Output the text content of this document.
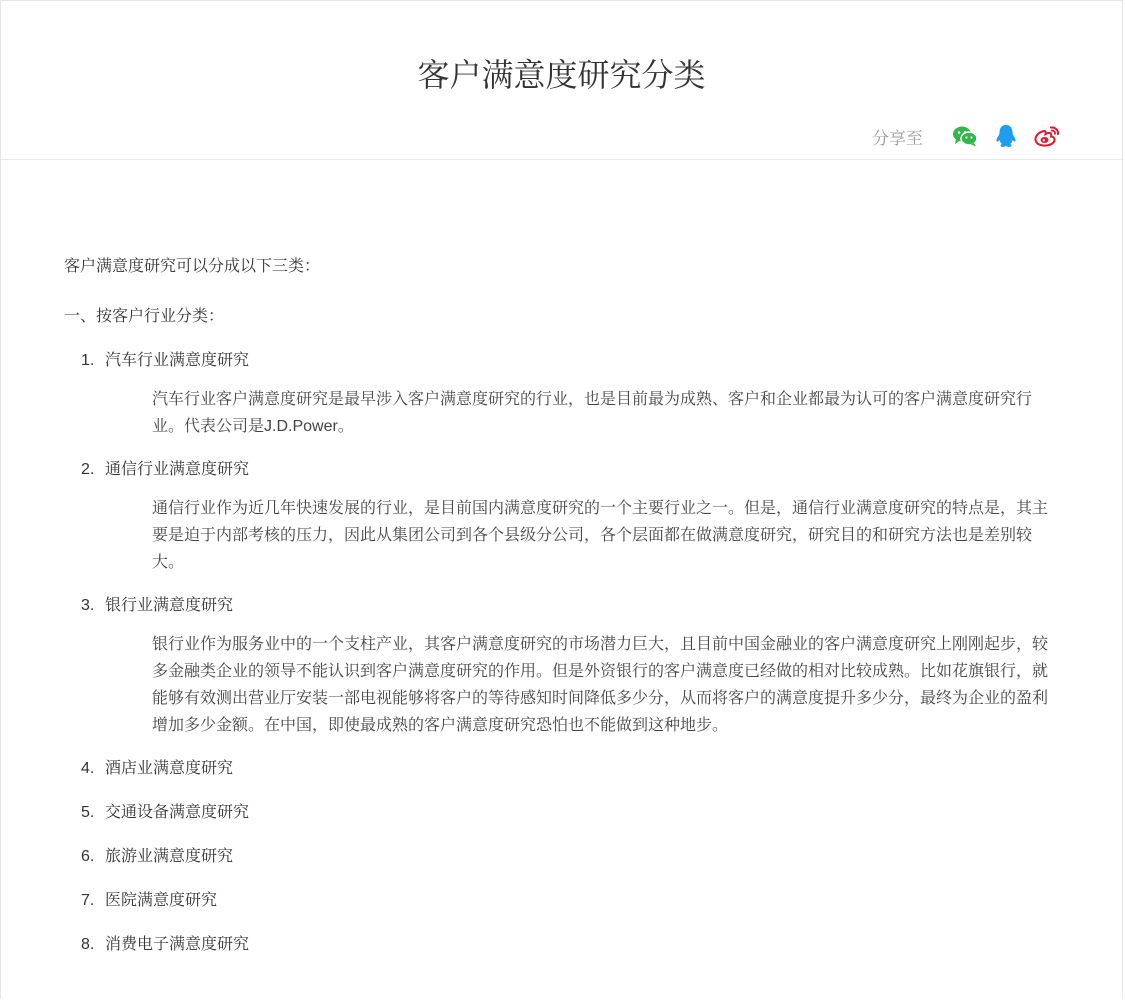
客户满意度研究分类
分享至

客户满意度研究可以分成以下三类：

一、按客户行业分类：

1. 汽车行业满意度研究

汽车行业客户满意度研究是最早涉入客户满意度研究的行业，也是目前最为成熟、客户和企业都最为认可的客户满意度研究行业。代表公司是J.D.Power。

2. 通信行业满意度研究

通信行业作为近几年快速发展的行业，是目前国内满意度研究的一个主要行业之一。但是，通信行业满意度研究的特点是，其主要是迫于内部考核的压力，因此从集团公司到各个县级分公司，各个层面都在做满意度研究，研究目的和研究方法也是差别较大。

3. 银行业满意度研究

银行业作为服务业中的一个支柱产业，其客户满意度研究的市场潜力巨大，且目前中国金融业的客户满意度研究上刚刚起步，较多金融类企业的领导不能认识到客户满意度研究的作用。但是外资银行的客户满意度已经做的相对比较成熟。比如花旗银行，就能够有效测出营业厅安装一部电视能够将客户的等待感知时间降低多少分，从而将客户的满意度提升多少分，最终为企业的盈利增加多少金额。在中国，即使最成熟的客户满意度研究恐怕也不能做到这种地步。

4. 酒店业满意度研究
5. 交通设备满意度研究
6. 旅游业满意度研究
7. 医院满意度研究
8. 消费电子满意度研究
